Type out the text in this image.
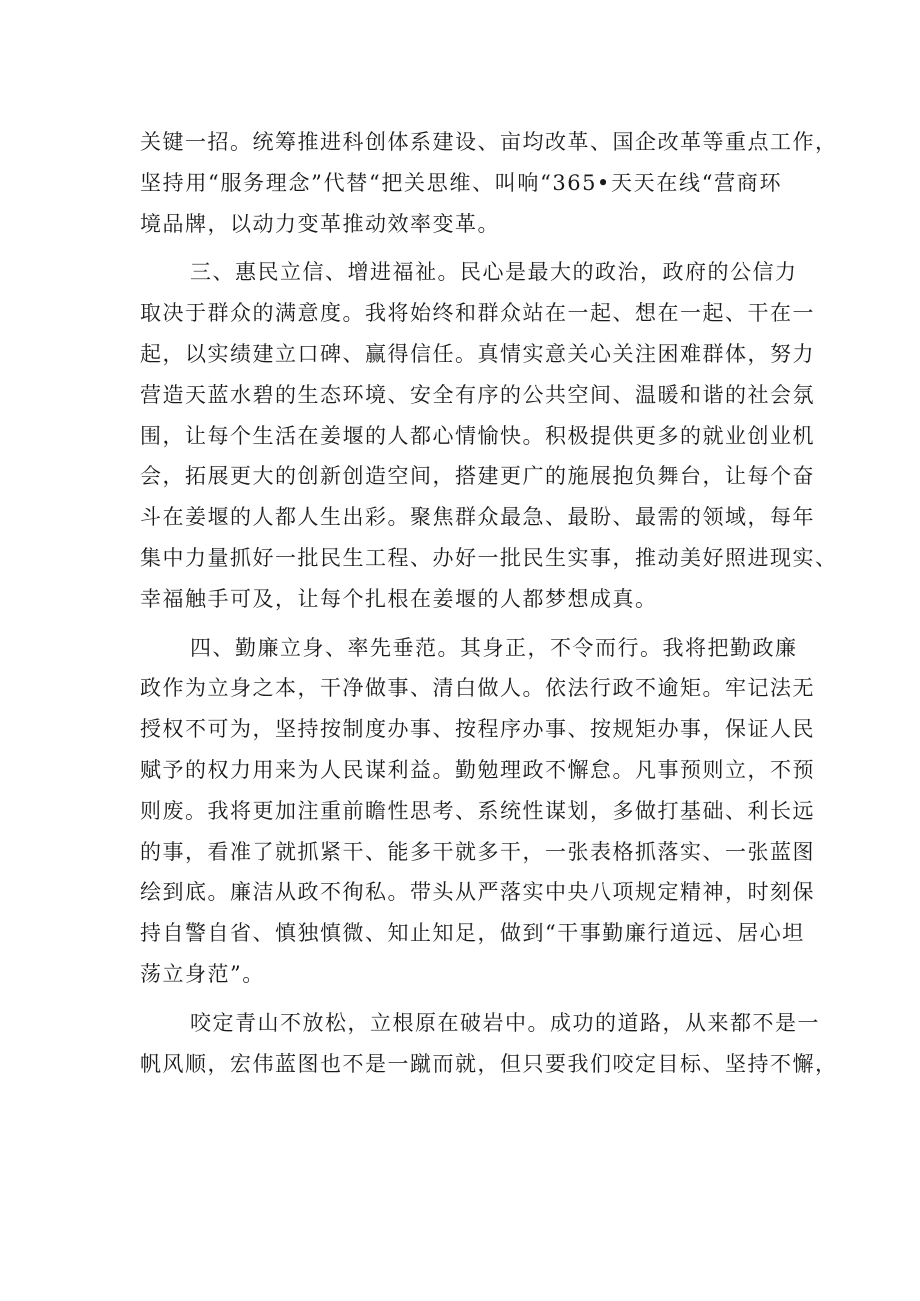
关键一招。统筹推进科创体系建设、亩均改革、国企改革等重点工作，
坚持用“服务理念”代替“把关思维、叫响“365•天天在线“营商环
境品牌，以动力变革推动效率变革。
三、惠民立信、增进福祉。民心是最大的政治，政府的公信力
取决于群众的满意度。我将始终和群众站在一起、想在一起、干在一
起，以实绩建立口碑、赢得信任。真情实意关心关注困难群体，努力
营造天蓝水碧的生态环境、安全有序的公共空间、温暖和谐的社会氛
围，让每个生活在姜堰的人都心情愉快。积极提供更多的就业创业机
会，拓展更大的创新创造空间，搭建更广的施展抱负舞台，让每个奋
斗在姜堰的人都人生出彩。聚焦群众最急、最盼、最需的领域，每年
集中力量抓好一批民生工程、办好一批民生实事，推动美好照进现实、
幸福触手可及，让每个扎根在姜堰的人都梦想成真。
四、勤廉立身、率先垂范。其身正，不令而行。我将把勤政廉
政作为立身之本，干净做事、清白做人。依法行政不逾矩。牢记法无
授权不可为，坚持按制度办事、按程序办事、按规矩办事，保证人民
赋予的权力用来为人民谋利益。勤勉理政不懈怠。凡事预则立，不预
则废。我将更加注重前瞻性思考、系统性谋划，多做打基础、利长远
的事，看准了就抓紧干、能多干就多干，一张表格抓落实、一张蓝图
绘到底。廉洁从政不徇私。带头从严落实中央八项规定精神，时刻保
持自警自省、慎独慎微、知止知足，做到“干事勤廉行道远、居心坦
荡立身范”。
咬定青山不放松，立根原在破岩中。成功的道路，从来都不是一
帆风顺，宏伟蓝图也不是一蹴而就，但只要我们咬定目标、坚持不懈，
